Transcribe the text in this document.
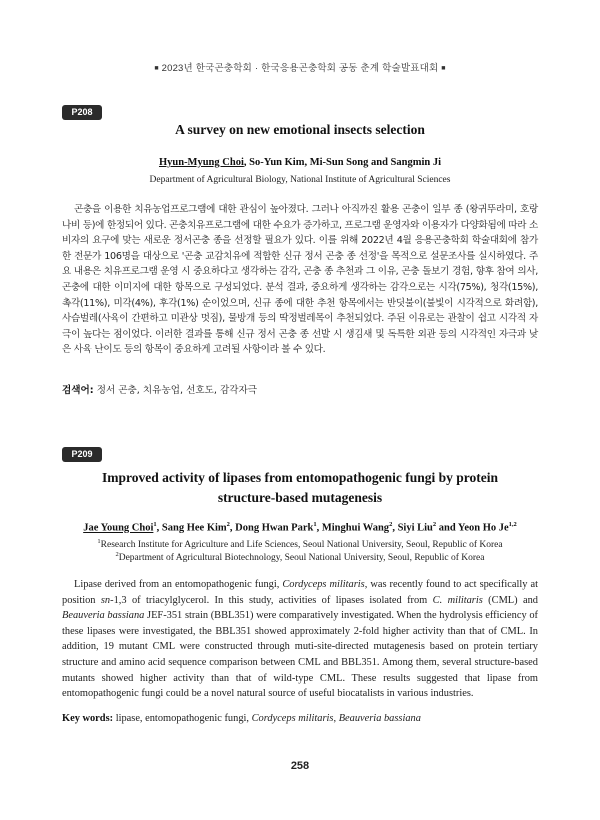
■ 2023년 한국곤충학회 · 한국응용곤충학회 공동 춘계 학술발표대회 ■
P208
A survey on new emotional insects selection
Hyun-Myung Choi, So-Yun Kim, Mi-Sun Song and Sangmin Ji
Department of Agricultural Biology, National Institute of Agricultural Sciences
곤충을 이용한 치유농업프로그램에 대한 관심이 높아졌다. 그러나 아직까진 활용 곤충이 일부 종 (왕귀뚜라미, 호랑나비 등)에 한정되어 있다. 곤충치유프로그램에 대한 수요가 증가하고, 프로그램 운영자와 이용자가 다양화됨에 따라 소비자의 요구에 맞는 새로운 정서곤충 종을 선정할 필요가 있다. 이를 위해 2022년 4월 응용곤충학회 학술대회에 참가한 전문가 106명을 대상으로 '곤충 교감치유에 적합한 신규 정서 곤충 종 선정'을 목적으로 설문조사를 실시하였다. 주요 내용은 치유프로그램 운영 시 중요하다고 생각하는 감각, 곤충 종 추천과 그 이유, 곤충 돌보기 경험, 향후 참여 의사, 곤충에 대한 이미지에 대한 항목으로 구성되었다. 분석 결과, 중요하게 생각하는 감각으로는 시각(75%), 청각(15%), 촉각(11%), 미각(4%), 후각(1%) 순이었으며, 신규 종에 대한 추천 항목에서는 반딧불이(불빛이 시각적으로 화려함), 사슴벌레(사육이 간편하고 미관상 멋짐), 물방개 등의 딱정벌레목이 추천되었다. 주된 이유로는 관찰이 쉽고 시각적 자극이 높다는 점이었다. 이러한 결과를 통해 신규 정서 곤충 종 선발 시 생김새 및 독특한 외관 등의 시각적인 자극과 낮은 사육 난이도 등의 항목이 중요하게 고려될 사항이라 볼 수 있다.
검색어: 정서 곤충, 치유농업, 선호도, 감각자극
P209
Improved activity of lipases from entomopathogenic fungi by protein
structure-based mutagenesis
Jae Young Choi$^1$, Sang Hee Kim$^2$, Dong Hwan Park$^1$, Minghui Wang$^2$, Siyi Liu$^2$ and Yeon Ho Je$^{1,2}$
$^1$Research Institute for Agriculture and Life Sciences, Seoul National University, Seoul, Republic of Korea
$^2$Department of Agricultural Biotechnology, Seoul National University, Seoul, Republic of Korea
Lipase derived from an entomopathogenic fungi, Cordyceps militaris, was recently found to act specifically at position sn-1,3 of triacylglycerol. In this study, activities of lipases isolated from C. militaris (CML) and Beauveria bassiana JEF-351 strain (BBL351) were comparatively investigated. When the hydrolysis efficiency of these lipases were investigated, the BBL351 showed approximately 2-fold higher activity than that of CML. In addition, 19 mutant CML were constructed through muti-site-directed mutagenesis based on protein tertiary structure and amino acid sequence comparison between CML and BBL351. Among them, several structure-based mutants showed higher activity than that of wild-type CML. These results suggested that lipase from entomopathogenic fungi could be a novel natural source of useful biocatalists in various industries.
Key words: lipase, entomopathogenic fungi, Cordyceps militaris, Beauveria bassiana
258
